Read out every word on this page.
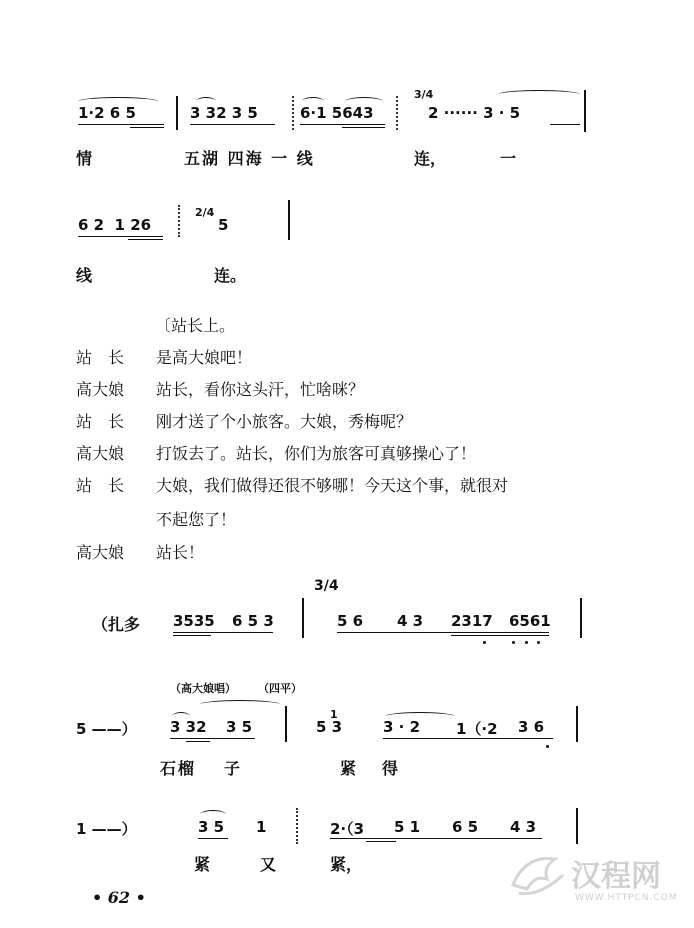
1·2 6 5	3 32 3 5	6·1 5643	2 ······ 3 · 5
3/4
情	五湖 四海 一 线	连，	一
6 2  1 26	5
2/4
线	连。
〔站长上。
站　长 是高大娘吧！
高大娘 站长，看你这头汗，忙啥咪？
站　长 刚才送了个小旅客。大娘，秀梅呢？
高大娘 打饭去了。站长，你们为旅客可真够操心了！
站　长 大娘，我们做得还很不够哪！今天这个事，就很对
不起您了！
高大娘 站长！
（扎多 3535 6 5 3
3/4
5 6 4 3 2317 6561
（高大娘唱） （四平）
5 ——） 3 32 3 5	5 3
1
3 · 2 1（·2 3 6
石榴 子	紧 得
1 ——）	3 5 1	2·（3 5 1 6 5 4 3
紧	又	紧，
• 62 •
汉程网
WWW.HTTPCN.COM
